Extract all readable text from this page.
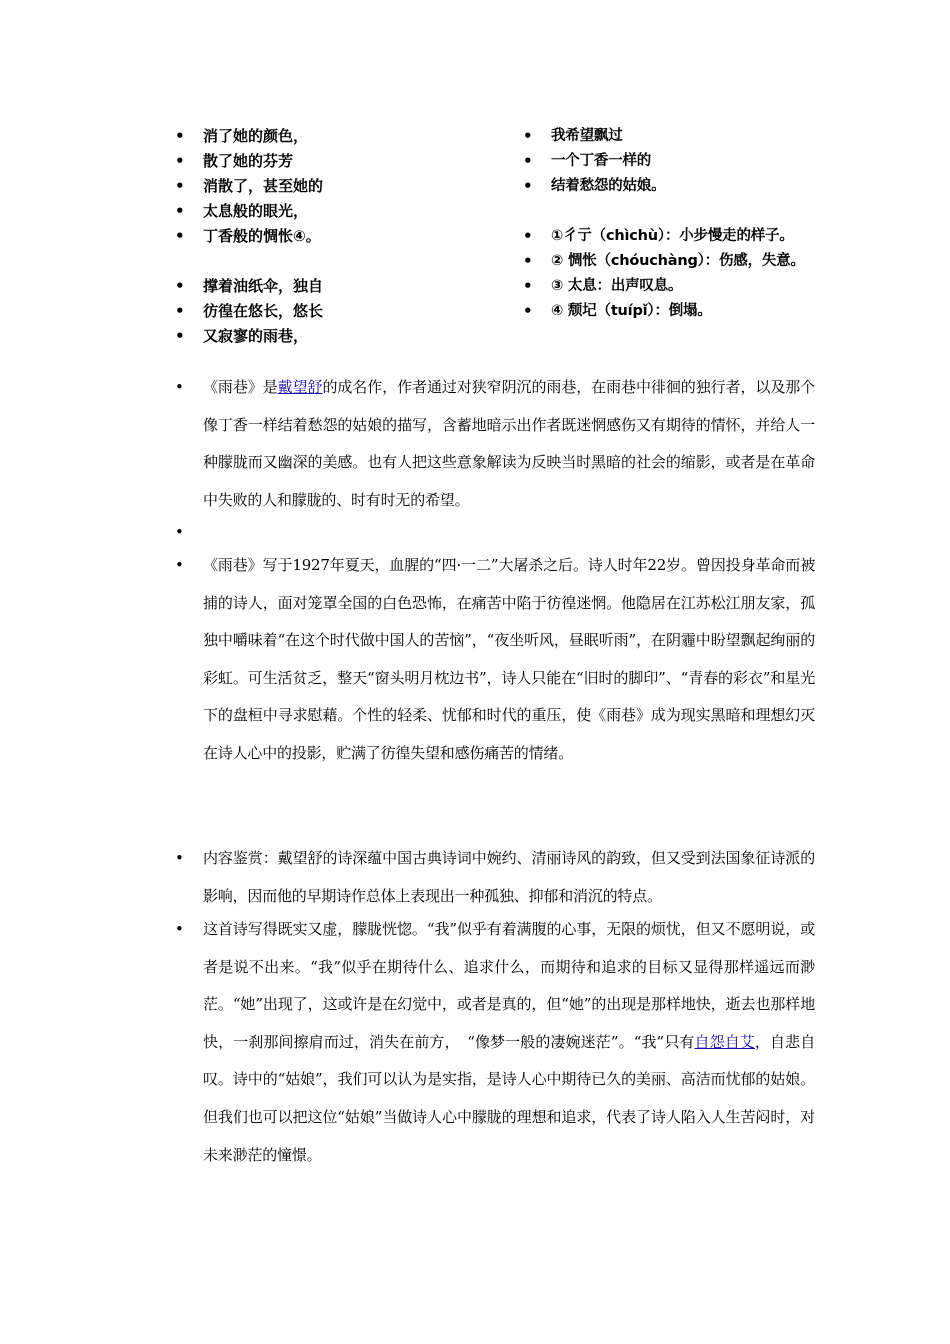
• 消了她的颜色，
• 散了她的芬芳
• 消散了，甚至她的
• 太息般的眼光，
• 丁香般的惆怅④。
• 撑着油纸伞，独自
• 彷徨在悠长，悠长
• 又寂寥的雨巷，
• 我希望飘过
• 一个丁香一样的
• 结着愁怨的姑娘。
• ①彳亍（chìchù）：小步慢走的样子。
• ② 惆怅（chóuchàng）：伤感，失意。
• ③ 太息：出声叹息。
• ④ 颓圮（tuípǐ）：倒塌。
• 《雨巷》是戴望舒的成名作，作者通过对狭窄阴沉的雨巷，在雨巷中徘徊的独行者，以及那个像丁香一样结着愁怨的姑娘的描写，含蓄地暗示出作者既迷惘感伤又有期待的情怀，并给人一种朦胧而又幽深的美感。也有人把这些意象解读为反映当时黑暗的社会的缩影，或者是在革命中失败的人和朦胧的、时有时无的希望。
•
• 《雨巷》写于1927年夏天，血腥的“四·一二”大屠杀之后。诗人时年22岁。曾因投身革命而被捕的诗人，面对笼罩全国的白色恐怖，在痛苦中陷于彷徨迷惘。他隐居在江苏松江朋友家，孤独中嚼味着“在这个时代做中国人的苦恼”，“夜坐听风，昼眠听雨”，在阴霾中盼望飘起绚丽的彩虹。可生活贫乏，整天“窗头明月枕边书”，诗人只能在“旧时的脚印”、“青春的彩衣”和星光下的盘桓中寻求慰藉。个性的轻柔、忧郁和时代的重压，使《雨巷》成为现实黑暗和理想幻灭在诗人心中的投影，贮满了彷徨失望和感伤痛苦的情绪。
• 内容鉴赏：戴望舒的诗深蕴中国古典诗词中婉约、清丽诗风的韵致，但又受到法国象征诗派的影响，因而他的早期诗作总体上表现出一种孤独、抑郁和消沉的特点。
• 这首诗写得既实又虚，朦胧恍惚。“我”似乎有着满腹的心事，无限的烦忧，但又不愿明说，或者是说不出来。“我”似乎在期待什么、追求什么，而期待和追求的目标又显得那样遥远而渺茫。“她”出现了，这或许是在幻觉中，或者是真的，但“她”的出现是那样地快，逝去也那样地快，一刹那间擦肩而过，消失在前方，　“像梦一般的凄婉迷茫”。“我”只有自怨自艾，自悲自叹。诗中的“姑娘”，我们可以认为是实指，是诗人心中期待已久的美丽、高洁而忧郁的姑娘。但我们也可以把这位“姑娘”当做诗人心中朦胧的理想和追求，代表了诗人陷入人生苦闷时，对未来渺茫的憧憬。
